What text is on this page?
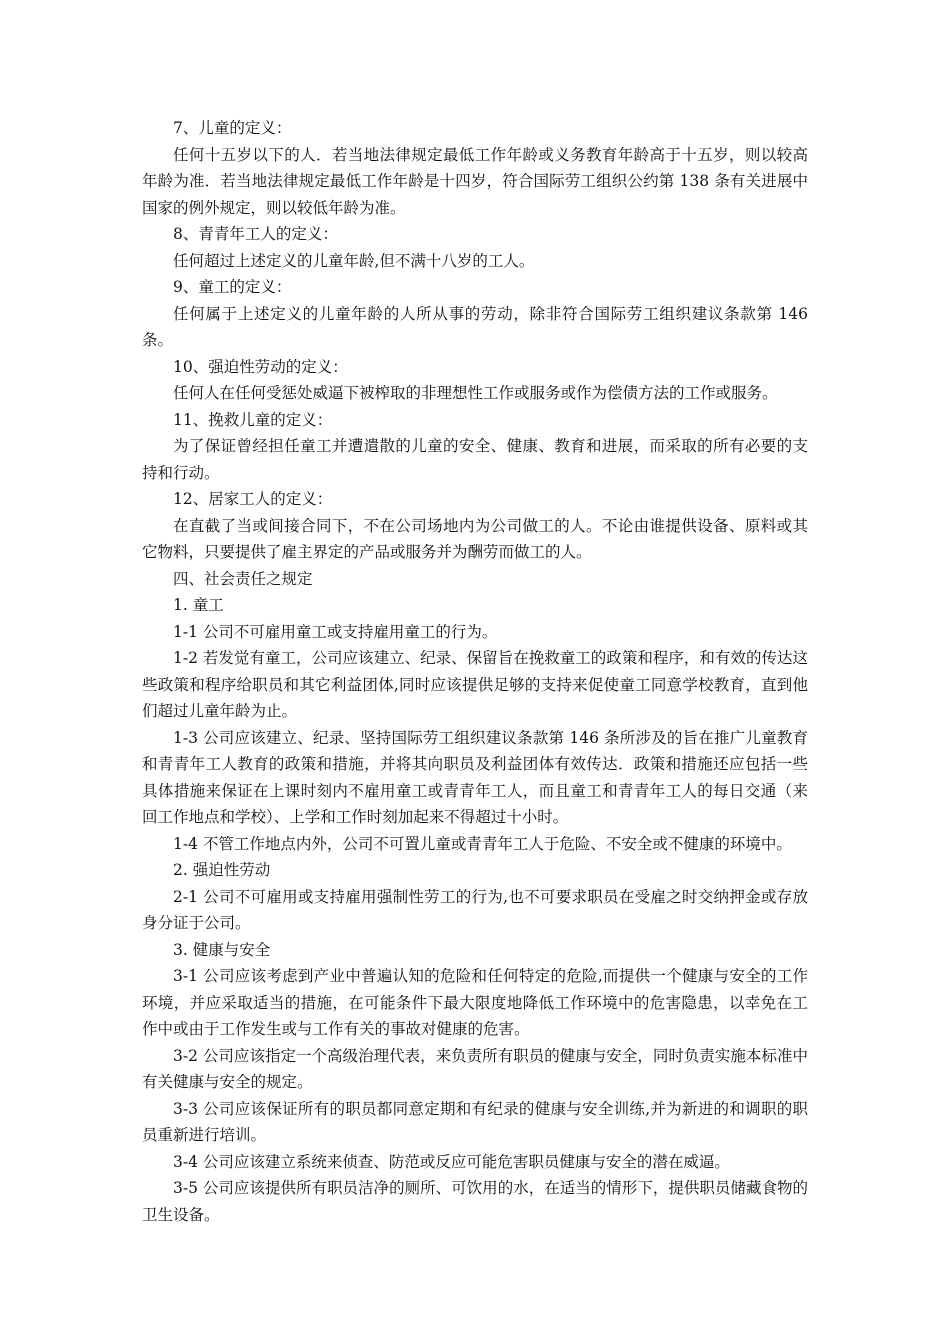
7、儿童的定义：

任何十五岁以下的人．若当地法律规定最低工作年龄或义务教育年龄高于十五岁，则以较高年龄为准．若当地法律规定最低工作年龄是十四岁，符合国际劳工组织公约第 138 条有关进展中国家的例外规定，则以较低年龄为准。

8、青青年工人的定义：

任何超过上述定义的儿童年龄,但不满十八岁的工人。

9、童工的定义：

任何属于上述定义的儿童年龄的人所从事的劳动，除非符合国际劳工组织建议条款第 146 条。

10、强迫性劳动的定义：

任何人在任何受惩处威逼下被榨取的非理想性工作或服务或作为偿债方法的工作或服务。

11、挽救儿童的定义：

为了保证曾经担任童工并遭遣散的儿童的安全、健康、教育和进展，而采取的所有必要的支持和行动。

12、居家工人的定义：

在直截了当或间接合同下，不在公司场地内为公司做工的人。不论由谁提供设备、原料或其它物料，只要提供了雇主界定的产品或服务并为酬劳而做工的人。

四、社会责任之规定

1. 童工

1-1 公司不可雇用童工或支持雇用童工的行为。

1-2 若发觉有童工，公司应该建立、纪录、保留旨在挽救童工的政策和程序，和有效的传达这些政策和程序给职员和其它利益团体,同时应该提供足够的支持来促使童工同意学校教育，直到他们超过儿童年龄为止。

1-3 公司应该建立、纪录、坚持国际劳工组织建议条款第 146 条所涉及的旨在推广儿童教育和青青年工人教育的政策和措施，并将其向职员及利益团体有效传达．政策和措施还应包括一些具体措施来保证在上课时刻内不雇用童工或青青年工人，而且童工和青青年工人的每日交通（来回工作地点和学校）、上学和工作时刻加起来不得超过十小时。

1-4 不管工作地点内外，公司不可置儿童或青青年工人于危险、不安全或不健康的环境中。

2. 强迫性劳动

2-1 公司不可雇用或支持雇用强制性劳工的行为,也不可要求职员在受雇之时交纳押金或存放身分证于公司。

3. 健康与安全

3-1 公司应该考虑到产业中普遍认知的危险和任何特定的危险,而提供一个健康与安全的工作环境，并应采取适当的措施，在可能条件下最大限度地降低工作环境中的危害隐患，以幸免在工作中或由于工作发生或与工作有关的事故对健康的危害。

3-2 公司应该指定一个高级治理代表，来负责所有职员的健康与安全，同时负责实施本标准中有关健康与安全的规定。

3-3 公司应该保证所有的职员都同意定期和有纪录的健康与安全训练,并为新进的和调职的职员重新进行培训。

3-4 公司应该建立系统来侦查、防范或反应可能危害职员健康与安全的潜在威逼。

3-5 公司应该提供所有职员洁净的厕所、可饮用的水，在适当的情形下，提供职员储藏食物的卫生设备。
